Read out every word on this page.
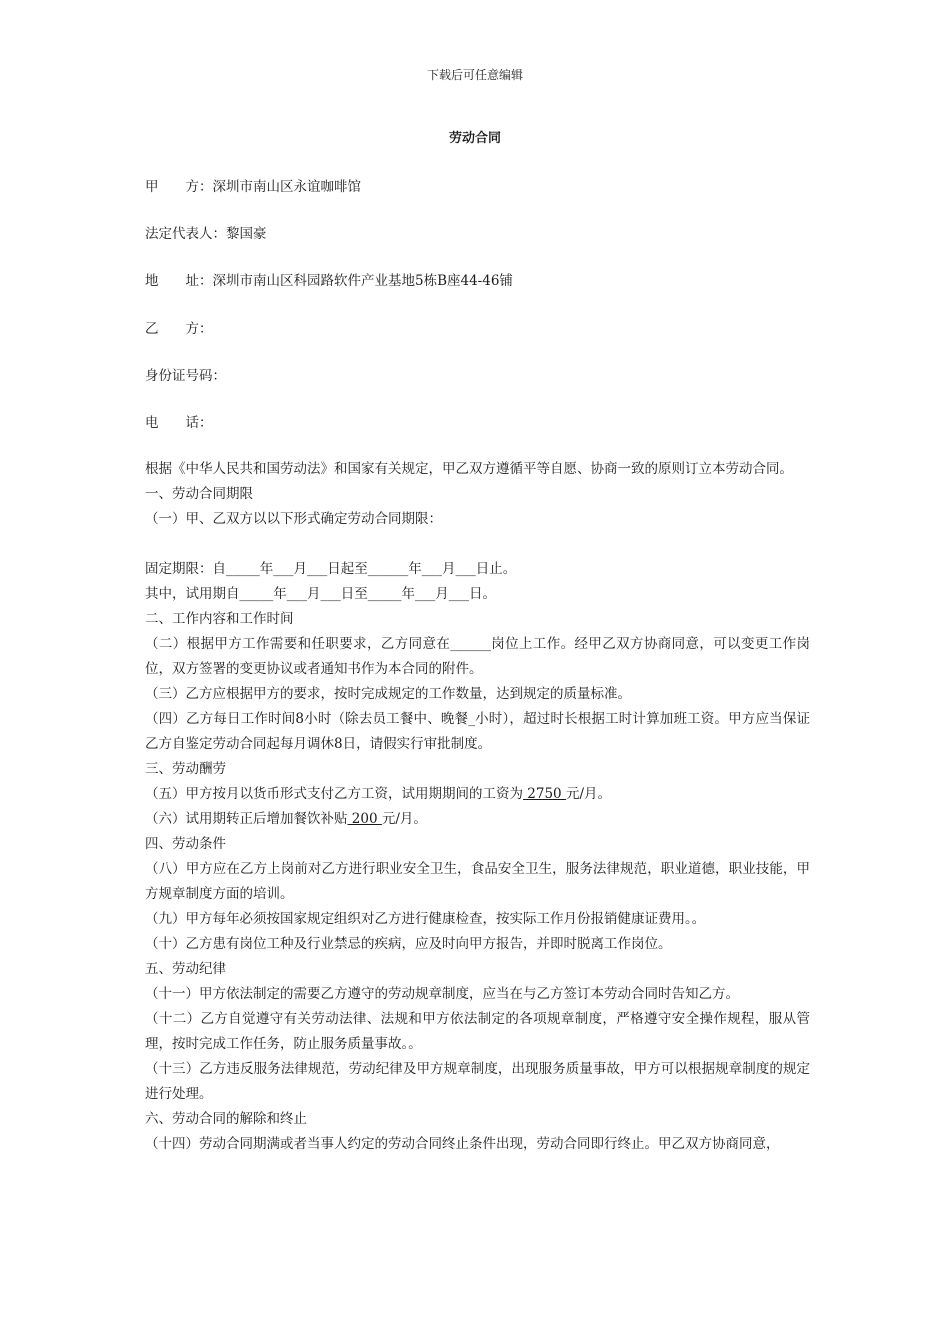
下载后可任意编辑
劳动合同
甲　　方：深圳市南山区永谊咖啡馆
法定代表人：黎国豪
地　　址：深圳市南山区科园路软件产业基地5栋B座44-46铺
乙　　方：
身份证号码：
电　　话：

根据《中华人民共和国劳动法》和国家有关规定，甲乙双方遵循平等自愿、协商一致的原则订立本劳动合同。

一、劳动合同期限

（一）甲、乙双方以以下形式确定劳动合同期限：

固定期限：自_____年___月___日起至______年___月___日止。

其中，试用期自_____年___月___日至_____年___月___日。

二、工作内容和工作时间

（二）根据甲方工作需要和任职要求，乙方同意在______岗位上工作。经甲乙双方协商同意，可以变更工作岗位，双方签署的变更协议或者通知书作为本合同的附件。

（三）乙方应根据甲方的要求，按时完成规定的工作数量，达到规定的质量标准。

（四）乙方每日工作时间8小时（除去员工餐中、晚餐_小时），超过时长根据工时计算加班工资。甲方应当保证乙方自鉴定劳动合同起每月调休8日，请假实行审批制度。

三、劳动酬劳

（五）甲方按月以货币形式支付乙方工资，试用期期间的工资为 2750 元/月。

（六）试用期转正后增加餐饮补贴 200 元/月。

四、劳动条件

（八）甲方应在乙方上岗前对乙方进行职业安全卫生，食品安全卫生，服务法律规范，职业道德，职业技能，甲方规章制度方面的培训。

（九）甲方每年必须按国家规定组织对乙方进行健康检查，按实际工作月份报销健康证费用。。

（十）乙方患有岗位工种及行业禁忌的疾病，应及时向甲方报告，并即时脱离工作岗位。

五、劳动纪律

（十一）甲方依法制定的需要乙方遵守的劳动规章制度，应当在与乙方签订本劳动合同时告知乙方。

（十二）乙方自觉遵守有关劳动法律、法规和甲方依法制定的各项规章制度，严格遵守安全操作规程，服从管理，按时完成工作任务，防止服务质量事故。。

（十三）乙方违反服务法律规范，劳动纪律及甲方规章制度，出现服务质量事故，甲方可以根据规章制度的规定进行处理。

六、劳动合同的解除和终止

（十四）劳动合同期满或者当事人约定的劳动合同终止条件出现，劳动合同即行终止。甲乙双方协商同意，
